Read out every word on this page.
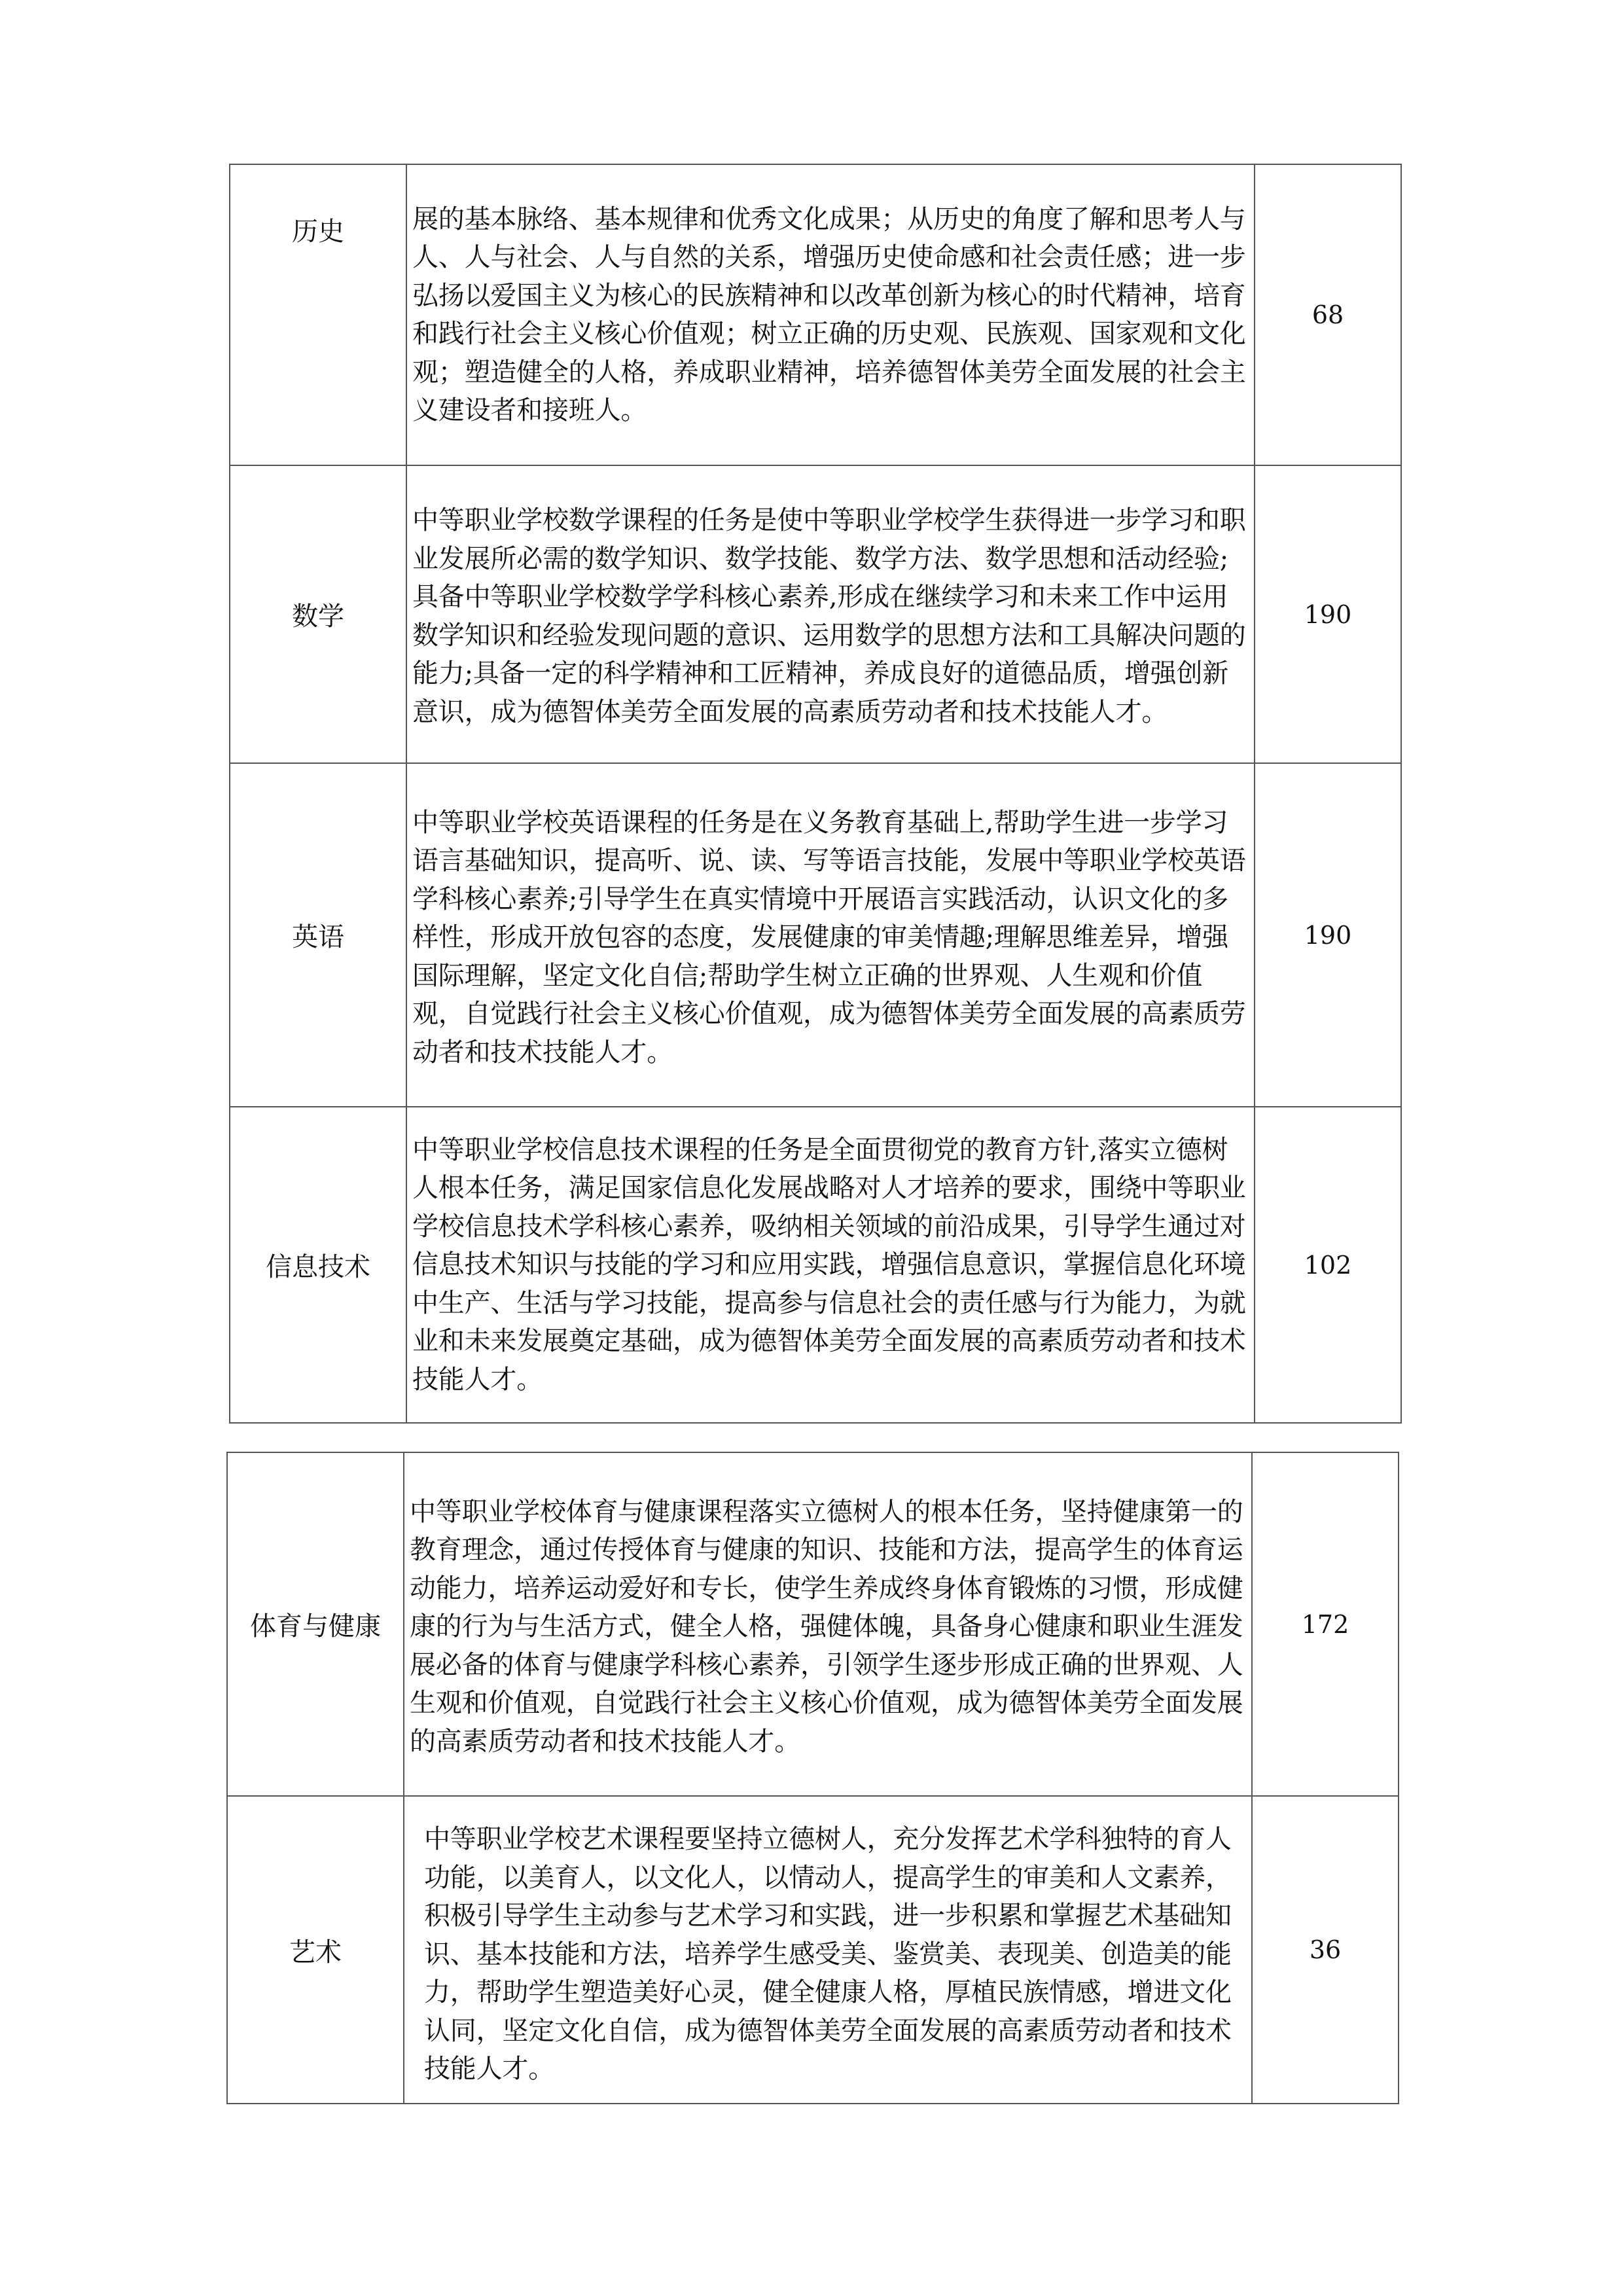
历史	展的基本脉络、基本规律和优秀文化成果；从历史的角度了解和思考人与人、人与社会、人与自然的关系，增强历史使命感和社会责任感；进一步弘扬以爱国主义为核心的民族精神和以改革创新为核心的时代精神，培育和践行社会主义核心价值观；树立正确的历史观、民族观、国家观和文化观；塑造健全的人格，养成职业精神，培养德智体美劳全面发展的社会主义建设者和接班人。	68
数学	中等职业学校数学课程的任务是使中等职业学校学生获得进一步学习和职业发展所必需的数学知识、数学技能、数学方法、数学思想和活动经验;具备中等职业学校数学学科核心素养,形成在继续学习和未来工作中运用数学知识和经验发现问题的意识、运用数学的思想方法和工具解决问题的能力;具备一定的科学精神和工匠精神，养成良好的道德品质，增强创新意识，成为德智体美劳全面发展的高素质劳动者和技术技能人才。	190
英语	中等职业学校英语课程的任务是在义务教育基础上,帮助学生进一步学习语言基础知识，提高听、说、读、写等语言技能，发展中等职业学校英语学科核心素养;引导学生在真实情境中开展语言实践活动，认识文化的多样性，形成开放包容的态度，发展健康的审美情趣;理解思维差异，增强国际理解，坚定文化自信;帮助学生树立正确的世界观、人生观和价值观，自觉践行社会主义核心价值观，成为德智体美劳全面发展的高素质劳动者和技术技能人才。	190
信息技术	中等职业学校信息技术课程的任务是全面贯彻党的教育方针,落实立德树人根本任务，满足国家信息化发展战略对人才培养的要求，围绕中等职业学校信息技术学科核心素养，吸纳相关领域的前沿成果，引导学生通过对信息技术知识与技能的学习和应用实践，增强信息意识，掌握信息化环境中生产、生活与学习技能，提高参与信息社会的责任感与行为能力，为就业和未来发展奠定基础，成为德智体美劳全面发展的高素质劳动者和技术技能人才。	102
体育与健康	中等职业学校体育与健康课程落实立德树人的根本任务，坚持健康第一的教育理念，通过传授体育与健康的知识、技能和方法，提高学生的体育运动能力，培养运动爱好和专长，使学生养成终身体育锻炼的习惯，形成健康的行为与生活方式，健全人格，强健体魄，具备身心健康和职业生涯发展必备的体育与健康学科核心素养，引领学生逐步形成正确的世界观、人生观和价值观，自觉践行社会主义核心价值观，成为德智体美劳全面发展的高素质劳动者和技术技能人才。	172
艺术	中等职业学校艺术课程要坚持立德树人，充分发挥艺术学科独特的育人功能，以美育人，以文化人，以情动人，提高学生的审美和人文素养，积极引导学生主动参与艺术学习和实践，进一步积累和掌握艺术基础知识、基本技能和方法，培养学生感受美、鉴赏美、表现美、创造美的能力，帮助学生塑造美好心灵，健全健康人格，厚植民族情感，增进文化认同，坚定文化自信，成为德智体美劳全面发展的高素质劳动者和技术技能人才。	36
